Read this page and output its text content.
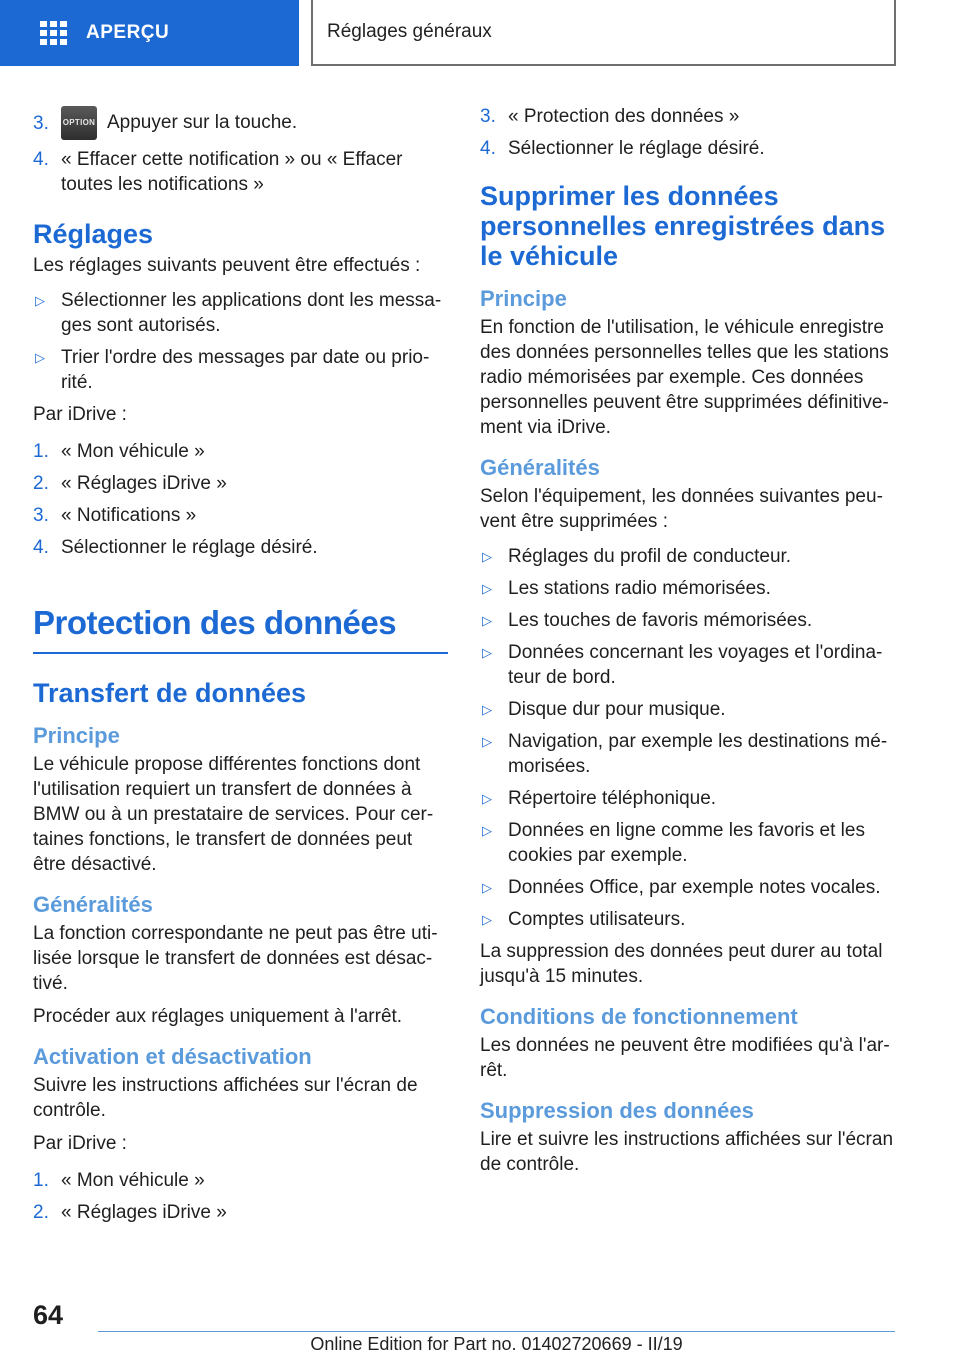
APERÇU	Réglages généraux
3.	OPTION Appuyer sur la touche.
4. « Effacer cette notification » ou « Effacer toutes les notifications »
Réglages

Les réglages suivants peuvent être effectués :

▷ Sélectionner les applications dont les messages sont autorisés.
▷ Trier l'ordre des messages par date ou priorité.

Par iDrive :

1. « Mon véhicule »
2. « Réglages iDrive »
3. « Notifications »
4. Sélectionner le réglage désiré.
Protection des données
Transfert de données
Principe

Le véhicule propose différentes fonctions dont l'utilisation requiert un transfert de données à BMW ou à un prestataire de services. Pour certaines fonctions, le transfert de données peut être désactivé.

Généralités

La fonction correspondante ne peut pas être utilisée lorsque le transfert de données est désactivé.

Procéder aux réglages uniquement à l'arrêt.

Activation et désactivation

Suivre les instructions affichées sur l'écran de contrôle.

Par iDrive :

1. « Mon véhicule »
2. « Réglages iDrive »
3. « Protection des données »
4. Sélectionner le réglage désiré.
Supprimer les données personnelles enregistrées dans le véhicule
Principe

En fonction de l'utilisation, le véhicule enregistre des données personnelles telles que les stations radio mémorisées par exemple. Ces données personnelles peuvent être supprimées définitivement via iDrive.

Généralités

Selon l'équipement, les données suivantes peuvent être supprimées :

▷ Réglages du profil de conducteur.
▷ Les stations radio mémorisées.
▷ Les touches de favoris mémorisées.
▷ Données concernant les voyages et l'ordinateur de bord.
▷ Disque dur pour musique.
▷ Navigation, par exemple les destinations mémorisées.
▷ Répertoire téléphonique.
▷ Données en ligne comme les favoris et les cookies par exemple.
▷ Données Office, par exemple notes vocales.
▷ Comptes utilisateurs.

La suppression des données peut durer au total jusqu'à 15 minutes.

Conditions de fonctionnement

Les données ne peuvent être modifiées qu'à l'arrêt.

Suppression des données

Lire et suivre les instructions affichées sur l'écran de contrôle.

64
Online Edition for Part no. 01402720669 - II/19
